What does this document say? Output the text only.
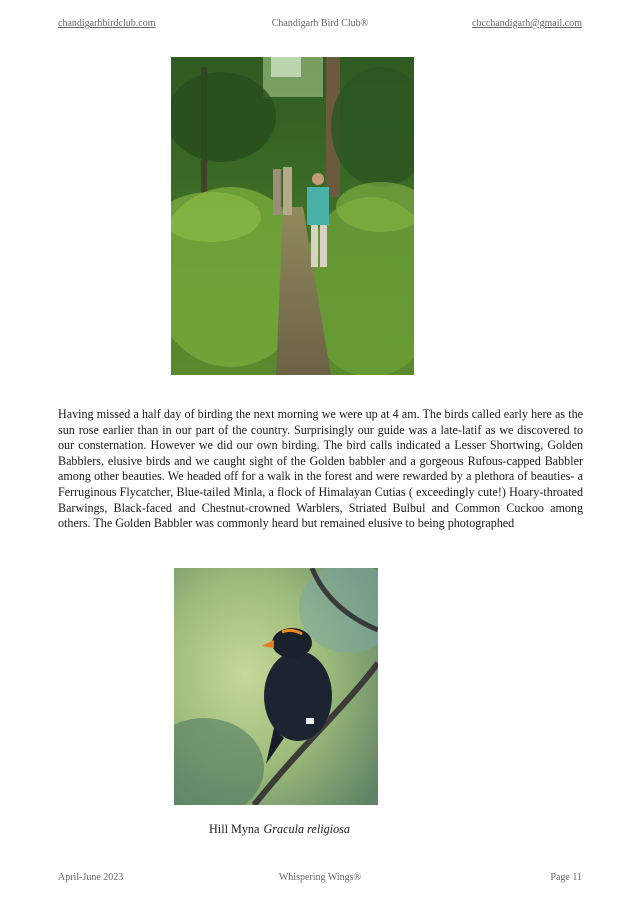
chandigarhbirdclub.com	Chandigarh Bird Club®	cbcchandigarh@gmail.com

Having missed a half day of birding the next morning we were up at 4 am. The birds called early here as the sun rose earlier than in our part of the country. Surprisingly our guide was a late-latif as we discovered to our consternation. However we did our own birding. The bird calls indicated a Lesser Shortwing, Golden Babblers, elusive birds and we caught sight of the Golden babbler and a gorgeous Rufous-capped Babbler among other beauties. We headed off for a walk in the forest and were rewarded by a plethora of beauties- a Ferruginous Flycatcher, Blue-tailed Minla, a flock of Himalayan Cutias ( exceedingly cute!) Hoary-throated Barwings, Black-faced and Chestnut-crowned Warblers, Striated Bulbul and Common Cuckoo among others. The Golden Babbler was commonly heard but remained elusive to being photographed

Hill Myna Gracula religiosa
April-June 2023	Whispering Wings®	Page 11
